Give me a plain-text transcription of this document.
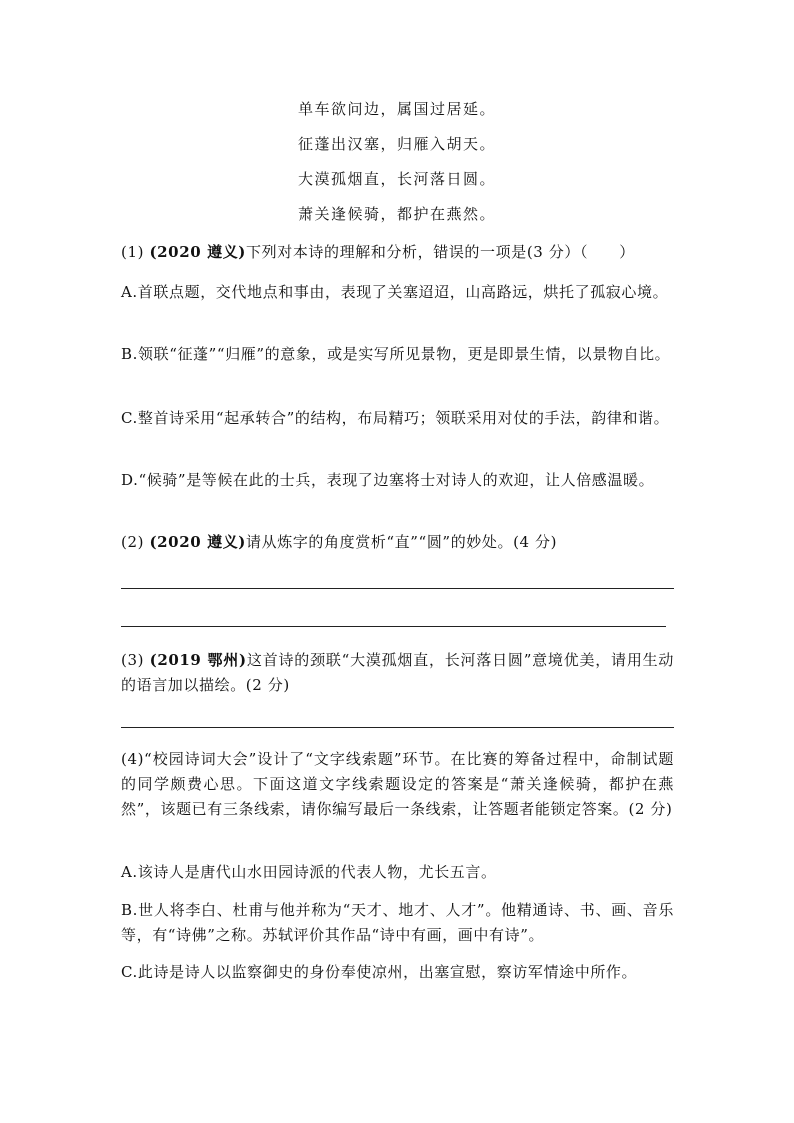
单车欲问边，属国过居延。
征蓬出汉塞，归雁入胡天。
大漠孤烟直，长河落日圆。
萧关逢候骑，都护在燕然。

(1) (2020 遵义)下列对本诗的理解和分析，错误的一项是(3 分）（　　）

A.首联点题，交代地点和事由，表现了关塞迢迢，山高路远，烘托了孤寂心境。

B.领联“征蓬”“归雁”的意象，或是实写所见景物，更是即景生情，以景物自比。

C.整首诗采用“起承转合”的结构，布局精巧；领联采用对仗的手法，韵律和谐。

D.“候骑”是等候在此的士兵，表现了边塞将士对诗人的欢迎，让人倍感温暖。

(2) (2020 遵义)请从炼字的角度赏析“直”“圆”的妙处。(4 分)

(3) (2019 鄂州)这首诗的颈联“大漠孤烟直，长河落日圆”意境优美，请用生动的语言加以描绘。(2 分)

(4)“校园诗词大会”设计了“文字线索题”环节。在比赛的筹备过程中，命制试题的同学颇费心思。下面这道文字线索题设定的答案是“萧关逢候骑，都护在燕然”，该题已有三条线索，请你编写最后一条线索，让答题者能锁定答案。(2 分)

A.该诗人是唐代山水田园诗派的代表人物，尤长五言。

B.世人将李白、杜甫与他并称为“天才、地才、人才”。他精通诗、书、画、音乐等，有“诗佛”之称。苏轼评价其作品“诗中有画，画中有诗”。

C.此诗是诗人以监察御史的身份奉使凉州，出塞宣慰，察访军情途中所作。
